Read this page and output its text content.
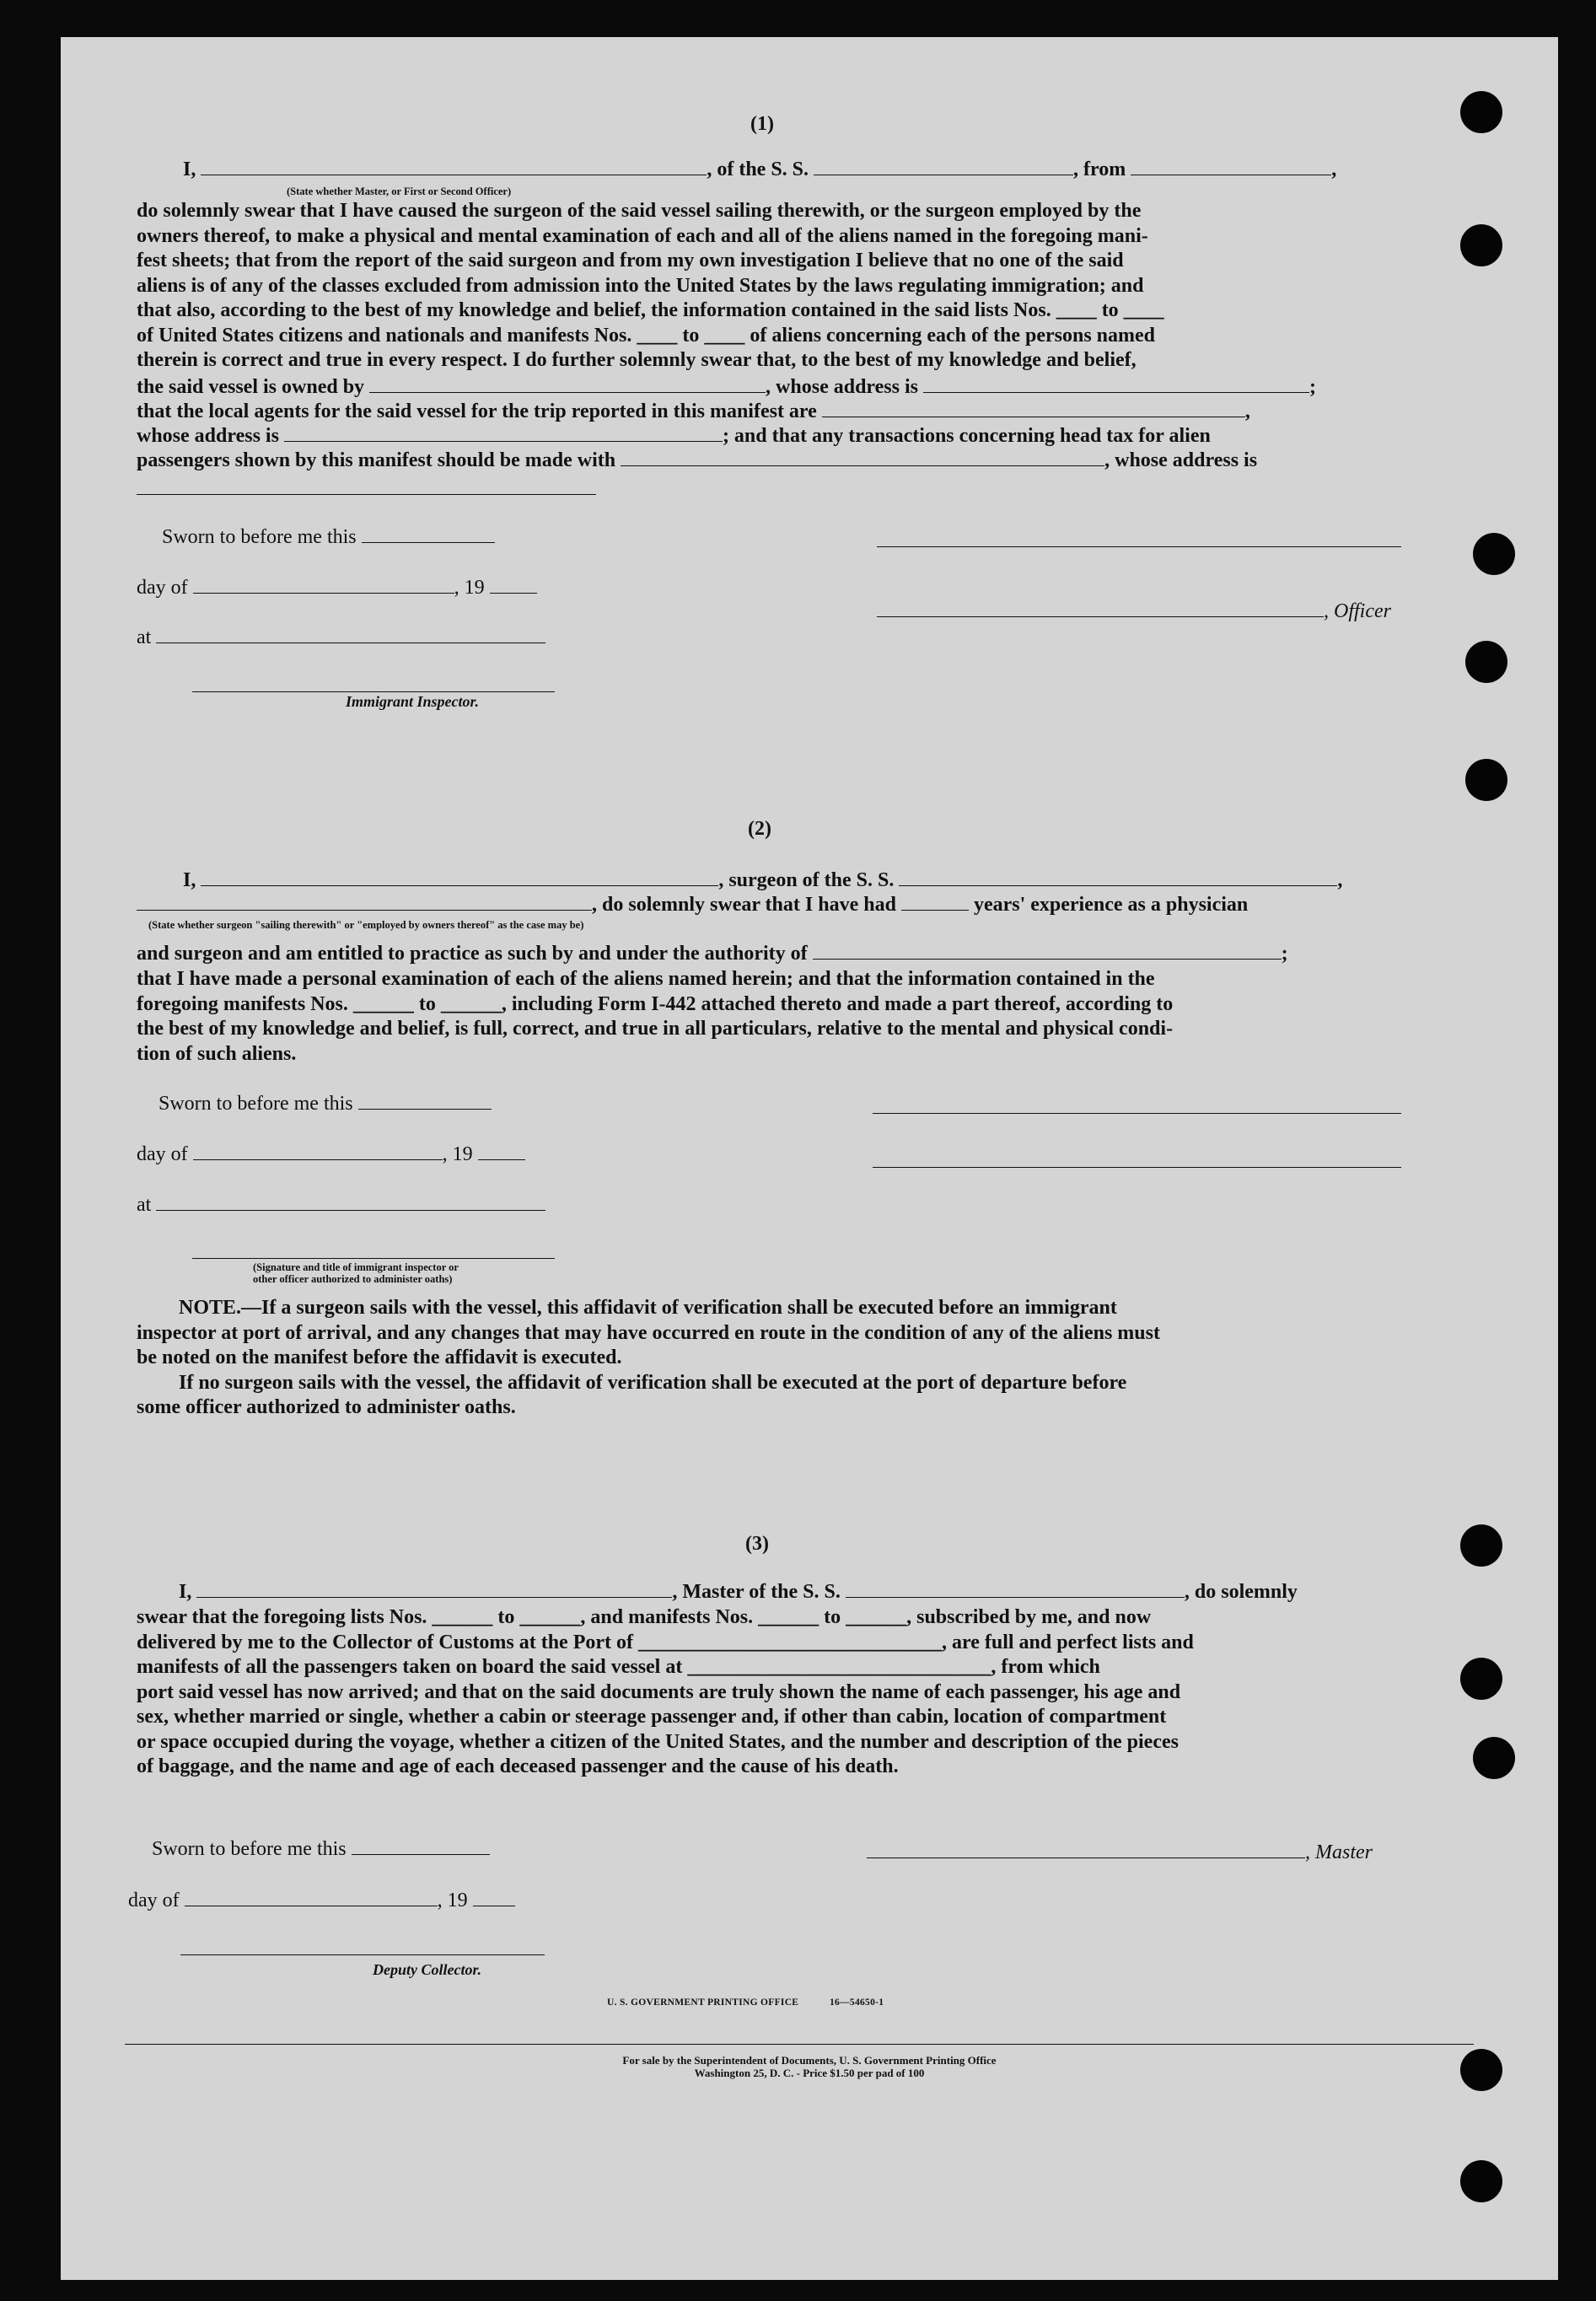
(1)
I,	, of the S. S.	, from	,
(State whether Master, or First or Second Officer)

do solemnly swear that I have caused the surgeon of the said vessel sailing therewith, or the surgeon employed by the

owners thereof, to make a physical and mental examination of each and all of the aliens named in the foregoing mani-

fest sheets; that from the report of the said surgeon and from my own investigation I believe that no one of the said

aliens is of any of the classes excluded from admission into the United States by the laws regulating immigration; and

that also, according to the best of my knowledge and belief, the information contained in the said lists Nos. ____ to ____

of United States citizens and nationals and manifests Nos. ____ to ____ of aliens concerning each of the persons named

therein is correct and true in every respect. I do further solemnly swear that, to the best of my knowledge and belief,

the said vessel is owned by	, whose address is	;
that the local agents for the said vessel for the trip reported in this manifest are	,
whose address is	; and that any transactions concerning head tax for alien
passengers shown by this manifest should be made with	, whose address is
Sworn to before me this
day of	, 19
, Officer
at
Immigrant Inspector.
(2)
I,	, surgeon of the S. S.	,
, do solemnly swear that I have had	years' experience as a physician
(State whether surgeon "sailing therewith" or "employed by owners thereof" as the case may be)
and surgeon and am entitled to practice as such by and under the authority of	;

that I have made a personal examination of each of the aliens named herein; and that the information contained in the

foregoing manifests Nos. ______ to ______, including Form I-442 attached thereto and made a part thereof, according to

the best of my knowledge and belief, is full, correct, and true in all particulars, relative to the mental and physical condi-

tion of such aliens.

Sworn to before me this
day of	, 19
at
(Signature and title of immigrant inspector or
other officer authorized to administer oaths)

NOTE.—If a surgeon sails with the vessel, this affidavit of verification shall be executed before an immigrant

inspector at port of arrival, and any changes that may have occurred en route in the condition of any of the aliens must

be noted on the manifest before the affidavit is executed.

If no surgeon sails with the vessel, the affidavit of verification shall be executed at the port of departure before

some officer authorized to administer oaths.

(3)
I,	, Master of the S. S.	, do solemnly

swear that the foregoing lists Nos. ______ to ______, and manifests Nos. ______ to ______, subscribed by me, and now

delivered by me to the Collector of Customs at the Port of ______________________________, are full and perfect lists and

manifests of all the passengers taken on board the said vessel at ______________________________, from which

port said vessel has now arrived; and that on the said documents are truly shown the name of each passenger, his age and

sex, whether married or single, whether a cabin or steerage passenger and, if other than cabin, location of compartment

or space occupied during the voyage, whether a citizen of the United States, and the number and description of the pieces

of baggage, and the name and age of each deceased passenger and the cause of his death.

Sworn to before me this	, Master
day of	, 19
Deputy Collector.
U. S. GOVERNMENT PRINTING OFFICE	16—54650-1
For sale by the Superintendent of Documents, U. S. Government Printing Office
Washington 25, D. C. - Price $1.50 per pad of 100
